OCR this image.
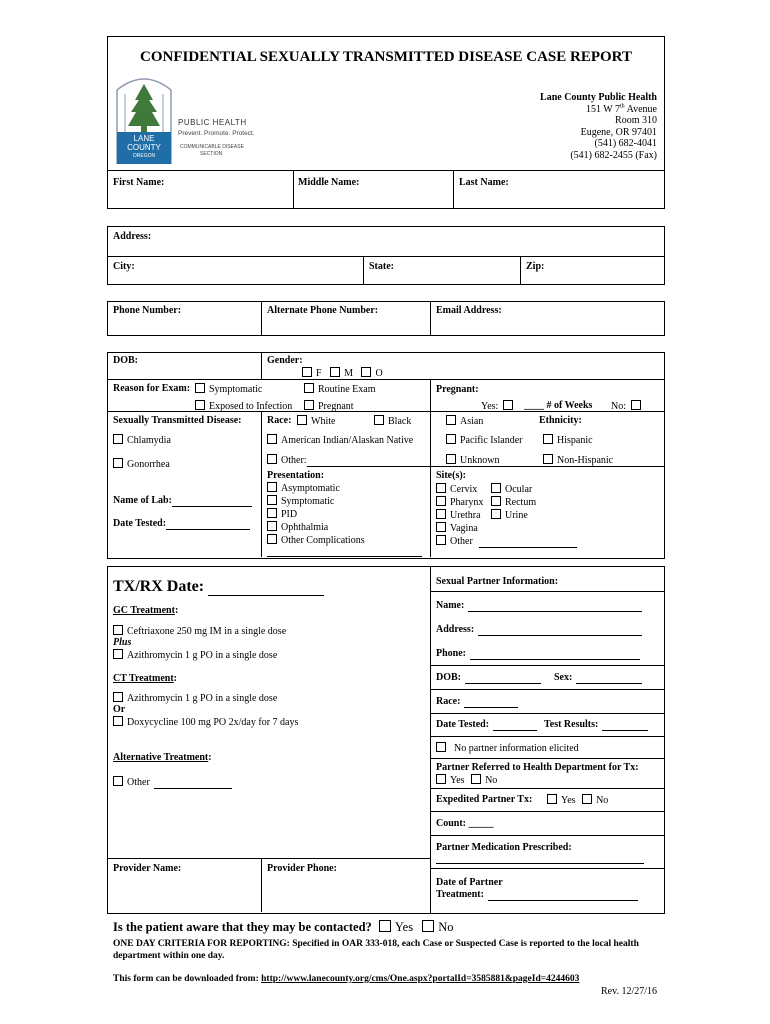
CONFIDENTIAL SEXUALLY TRANSMITTED DISEASE CASE REPORT
LANE
COUNTY
OREGON
PUBLIC HEALTH
Prevent. Promote. Protect.
COMMUNICABLE DISEASE
SECTION
Lane County Public Health
151 W 7th Avenue
Room 310
Eugene, OR 97401
(541) 682-4041
(541) 682-2455 (Fax)
First Name:	Middle Name:	Last Name:
Address:
City:	State:	Zip:
Phone Number:	Alternate Phone Number:	Email Address:
DOB:	Gender:
F M O
Reason for Exam:	Symptomatic	Routine Exam
Exposed to Infection	Pregnant
Pregnant:
Yes:	____ # of Weeks No:
Sexually Transmitted Disease:	Race:	White	Black	Asian	Ethnicity:
Chlamydia	American Indian/Alaskan Native	Pacific Islander	Hispanic
Gonorrhea	Other:	Unknown	Non-Hispanic
Presentation:
Asymptomatic
Symptomatic
PID
Ophthalmia
Other Complications
Name of Lab:
Date Tested:
Site(s):
Cervix	Ocular
Pharynx	Rectum
Urethra	Urine
Vagina
Other
TX/RX Date:
GC Treatment:
Ceftriaxone 250 mg IM in a single dose
Plus
Azithromycin 1 g PO in a single dose
CT Treatment:
Azithromycin 1 g PO in a single dose
Or
Doxycycline 100 mg PO 2x/day for 7 days
Alternative Treatment:
Other
Provider Name:	Provider Phone:
Sexual Partner Information:
Name:
Address:
Phone:
DOB:	Sex:
Race:
Date Tested:	Test Results:
No partner information elicited
Partner Referred to Health Department for Tx:
Yes No
Expedited Partner Tx:	Yes No
Count: _____
Partner Medication Prescribed:
Date of Partner
Treatment:
Is the patient aware that they may be contacted? Yes No
ONE DAY CRITERIA FOR REPORTING: Specified in OAR 333-018, each Case or Suspected Case is reported to the local health department within one day.
This form can be downloaded from: http://www.lanecounty.org/cms/One.aspx?portalId=3585881&pageId=4244603
Rev. 12/27/16
